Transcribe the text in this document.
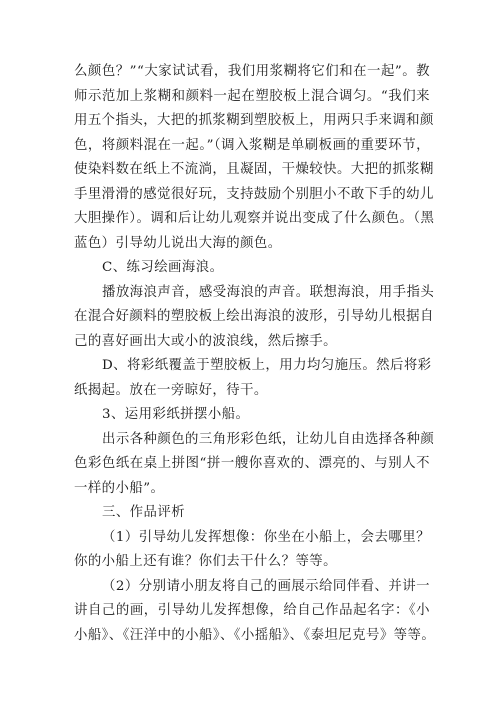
么颜色？”“大家试试看，我们用浆糊将它们和在一起”。教
师示范加上浆糊和颜料一起在塑胶板上混合调匀。“我们来
用五个指头，大把的抓浆糊到塑胶板上，用两只手来调和颜
色，将颜料混在一起。”（调入浆糊是单刷板画的重要环节，
使染料数在纸上不流淌，且凝固，干燥较快。大把的抓浆糊
手里滑滑的感觉很好玩，支持鼓励个别胆小不敢下手的幼儿
大胆操作）。调和后让幼儿观察并说出变成了什么颜色。（黑
蓝色）引导幼儿说出大海的颜色。
C、练习绘画海浪。
播放海浪声音，感受海浪的声音。联想海浪，用手指头
在混合好颜料的塑胶板上绘出海浪的波形，引导幼儿根据自
己的喜好画出大或小的波浪线，然后擦手。
D、将彩纸覆盖于塑胶板上，用力均匀施压。然后将彩
纸揭起。放在一旁晾好，待干。
3、运用彩纸拼摆小船。
出示各种颜色的三角形彩色纸，让幼儿自由选择各种颜
色彩色纸在桌上拼图“拼一艘你喜欢的、漂亮的、与别人不
一样的小船”。
三、作品评析
（1）引导幼儿发挥想像：你坐在小船上，会去哪里？
你的小船上还有谁？你们去干什么？等等。
（2）分别请小朋友将自己的画展示给同伴看、并讲一
讲自己的画，引导幼儿发挥想像，给自己作品起名字：《小
小船》、《汪洋中的小船》、《小摇船》、《泰坦尼克号》等等。
